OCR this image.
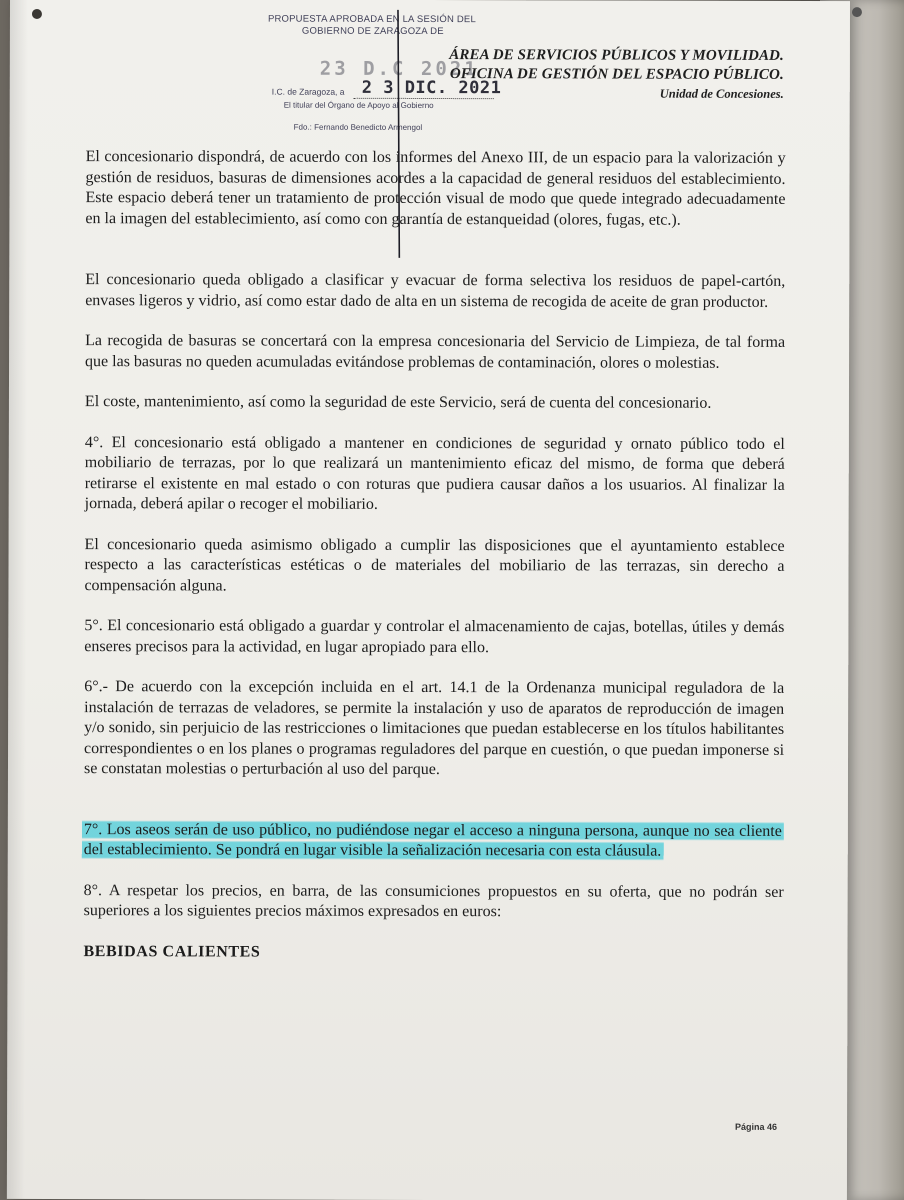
PROPUESTA APROBADA EN LA SESIÓN DEL
GOBIERNO DE ZARAGOZA DE
23 D.C 2021
I.C. de Zaragoza, a 2 3 DIC. 2021
El titular del Órgano de Apoyo al Gobierno
Fdo.: Fernando Benedicto Armengol
ÁREA DE SERVICIOS PÚBLICOS Y MOVILIDAD.
OFICINA DE GESTIÓN DEL ESPACIO PÚBLICO.
Unidad de Concesiones.

El concesionario dispondrá, de acuerdo con los informes del Anexo III, de un espacio para la valorización y gestión de residuos, basuras de dimensiones acordes a la capacidad de general residuos del establecimiento. Este espacio deberá tener un tratamiento de protección visual de modo que quede integrado adecuadamente en la imagen del establecimiento, así como con garantía de estanqueidad (olores, fugas, etc.).

El concesionario queda obligado a clasificar y evacuar de forma selectiva los residuos de papel-cartón, envases ligeros y vidrio, así como estar dado de alta en un sistema de recogida de aceite de gran productor.

La recogida de basuras se concertará con la empresa concesionaria del Servicio de Limpieza, de tal forma que las basuras no queden acumuladas evitándose problemas de contaminación, olores o molestias.

El coste, mantenimiento, así como la seguridad de este Servicio, será de cuenta del concesionario.

4°. El concesionario está obligado a mantener en condiciones de seguridad y ornato público todo el mobiliario de terrazas, por lo que realizará un mantenimiento eficaz del mismo, de forma que deberá retirarse el existente en mal estado o con roturas que pudiera causar daños a los usuarios. Al finalizar la jornada, deberá apilar o recoger el mobiliario.

El concesionario queda asimismo obligado a cumplir las disposiciones que el ayuntamiento establece respecto a las características estéticas o de materiales del mobiliario de las terrazas, sin derecho a compensación alguna.

5°. El concesionario está obligado a guardar y controlar el almacenamiento de cajas, botellas, útiles y demás enseres precisos para la actividad, en lugar apropiado para ello.

6°.- De acuerdo con la excepción incluida en el art. 14.1 de la Ordenanza municipal reguladora de la instalación de terrazas de veladores, se permite la instalación y uso de aparatos de reproducción de imagen y/o sonido, sin perjuicio de las restricciones o limitaciones que puedan establecerse en los títulos habilitantes correspondientes o en los planes o programas reguladores del parque en cuestión, o que puedan imponerse si se constatan molestias o perturbación al uso del parque.

7°. Los aseos serán de uso público, no pudiéndose negar el acceso a ninguna persona, aunque no sea cliente del establecimiento. Se pondrá en lugar visible la señalización necesaria con esta cláusula.

8°. A respetar los precios, en barra, de las consumiciones propuestos en su oferta, que no podrán ser superiores a los siguientes precios máximos expresados en euros:

BEBIDAS CALIENTES

Página 46
